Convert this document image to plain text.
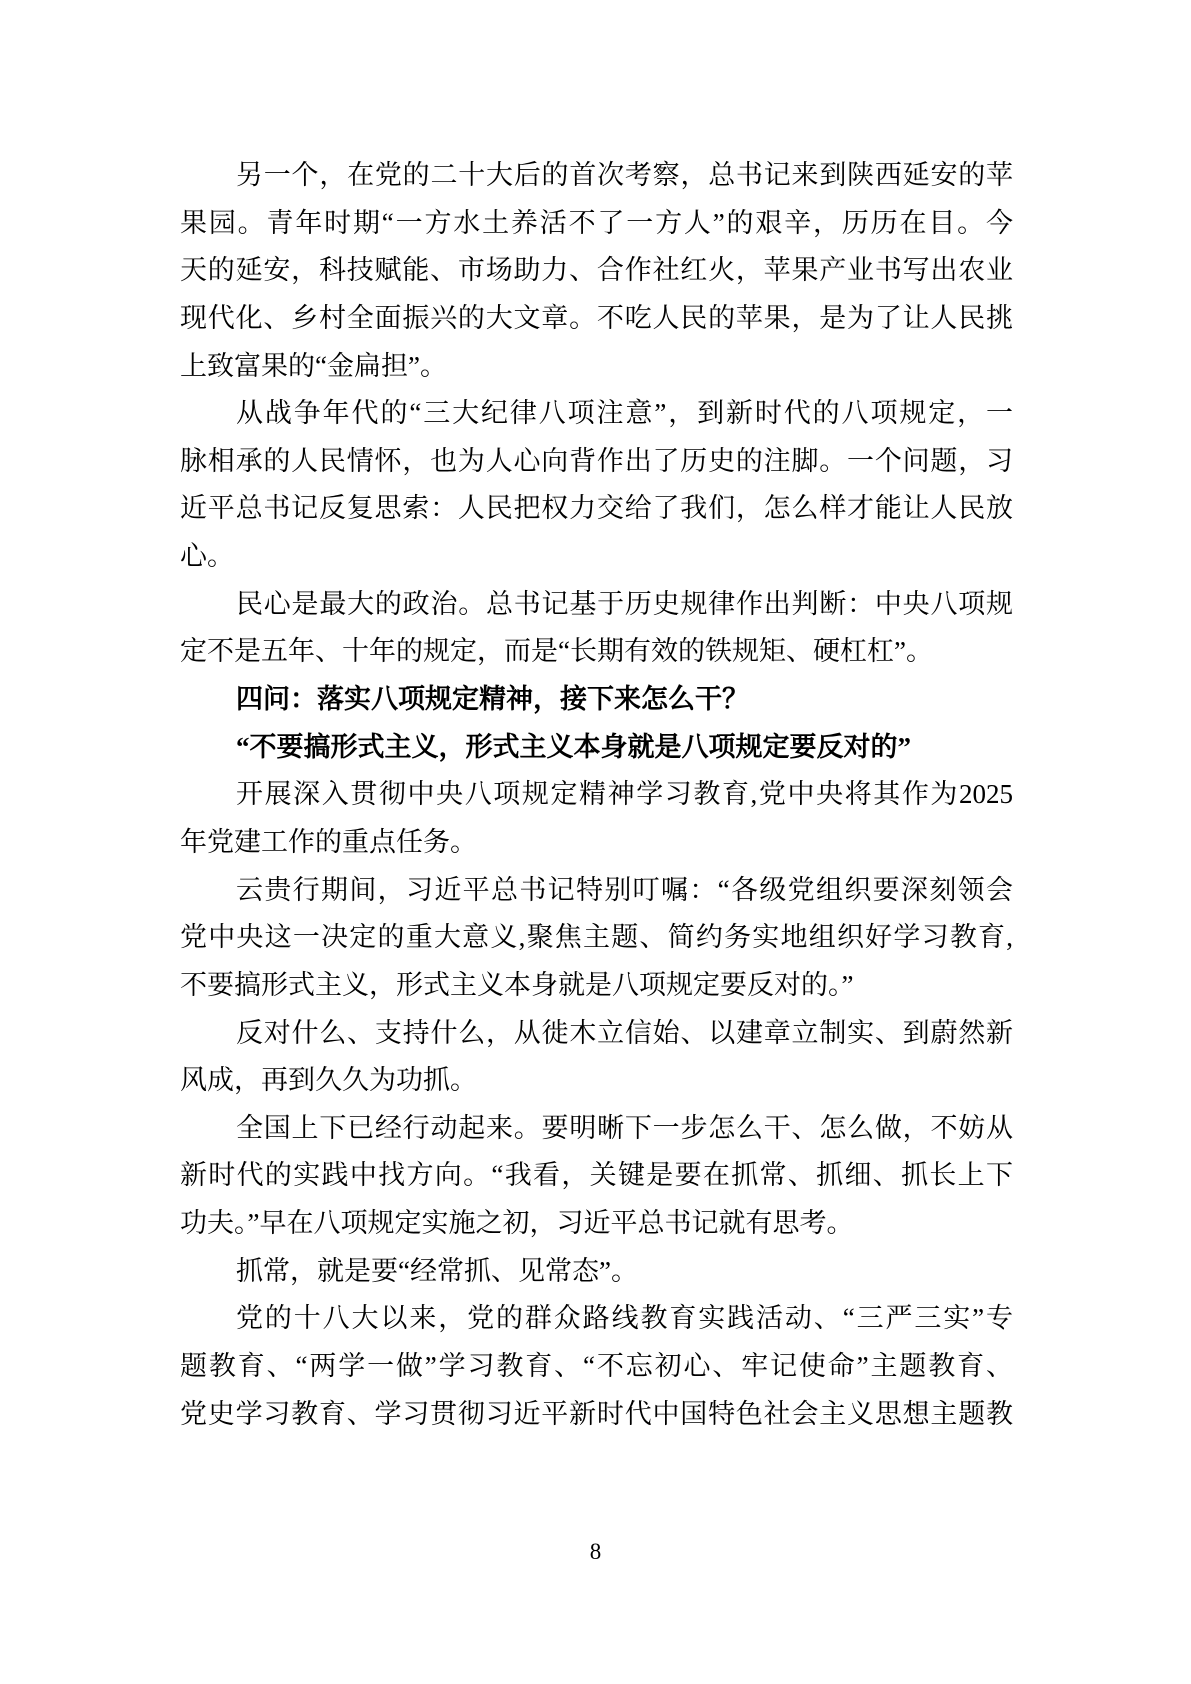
另一个，在党的二十大后的首次考察，总书记来到陕西延安的苹
果园。青年时期“一方水土养活不了一方人”的艰辛，历历在目。今
天的延安，科技赋能、市场助力、合作社红火，苹果产业书写出农业
现代化、乡村全面振兴的大文章。不吃人民的苹果，是为了让人民挑
上致富果的“金扁担”。
从战争年代的“三大纪律八项注意”，到新时代的八项规定，一
脉相承的人民情怀，也为人心向背作出了历史的注脚。一个问题，习
近平总书记反复思索：人民把权力交给了我们，怎么样才能让人民放
心。
民心是最大的政治。总书记基于历史规律作出判断：中央八项规
定不是五年、十年的规定，而是“长期有效的铁规矩、硬杠杠”。
四问：落实八项规定精神，接下来怎么干？
“不要搞形式主义，形式主义本身就是八项规定要反对的”
开展深入贯彻中央八项规定精神学习教育,党中央将其作为2025
年党建工作的重点任务。
云贵行期间，习近平总书记特别叮嘱：“各级党组织要深刻领会
党中央这一决定的重大意义,聚焦主题、简约务实地组织好学习教育,
不要搞形式主义，形式主义本身就是八项规定要反对的。”
反对什么、支持什么，从徙木立信始、以建章立制实、到蔚然新
风成，再到久久为功抓。
全国上下已经行动起来。要明晰下一步怎么干、怎么做，不妨从
新时代的实践中找方向。“我看，关键是要在抓常、抓细、抓长上下
功夫。”早在八项规定实施之初，习近平总书记就有思考。
抓常，就是要“经常抓、见常态”。
党的十八大以来，党的群众路线教育实践活动、“三严三实”专
题教育、“两学一做”学习教育、“不忘初心、牢记使命”主题教育、
党史学习教育、学习贯彻习近平新时代中国特色社会主义思想主题教
8
